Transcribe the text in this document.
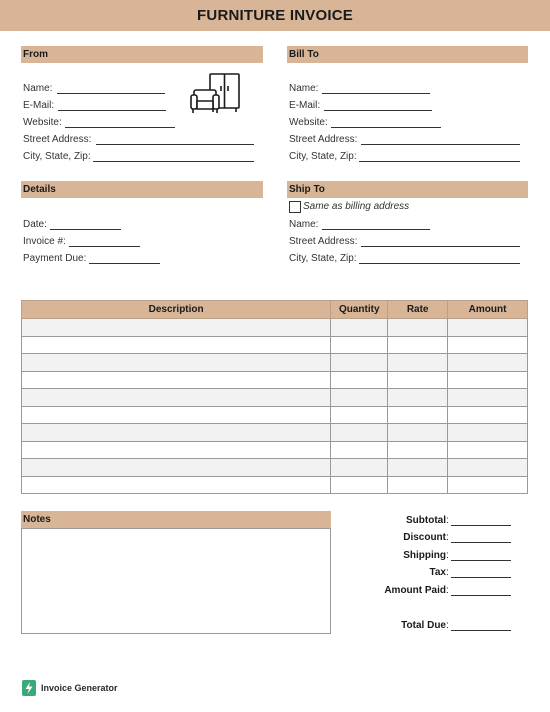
FURNITURE INVOICE
From
Name:
E-Mail:
Website:
Street Address:
City, State, Zip:
Bill To
Name:
E-Mail:
Website:
Street Address:
City, State, Zip:
Details
Date:
Invoice #:
Payment Due:
Ship To
Same as billing address
Name:
Street Address:
City, State, Zip:
Description	Quantity	Rate	Amount

Notes	Subtotal :
Discount :
Shipping :
Tax :
Amount Paid :
Total Due :
Invoice Generator
